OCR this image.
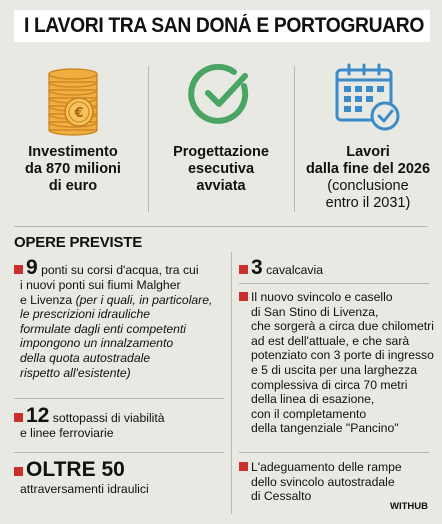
I LAVORI TRA SAN DONÁ E PORTOGRUARO
€
Investimento
da 870 milioni
di euro
Progettazione
esecutiva
avviata
Lavori
dalla fine del 2026
(conclusione
entro il 2031)
OPERE PREVISTE
9 ponti su corsi d'acqua, tra cui
i nuovi ponti sui fiumi Malgher
e Livenza (per i quali, in particolare,
le prescrizioni idrauliche
formulate dagli enti competenti
impongono un innalzamento
della quota autostradale
rispetto all'esistente)
12 sottopassi di viabilità
e linee ferroviarie
OLTRE 50
attraversamenti idraulici
3 cavalcavia
Il nuovo svincolo e casello
di San Stino di Livenza,
che sorgerà a circa due chilometri
ad est dell'attuale, e che sarà
potenziato con 3 porte di ingresso
e 5 di uscita per una larghezza
complessiva di circa 70 metri
della linea di esazione,
con il completamento
della tangenziale "Pancino"
L'adeguamento delle rampe
dello svincolo autostradale
di Cessalto
WITHUB
